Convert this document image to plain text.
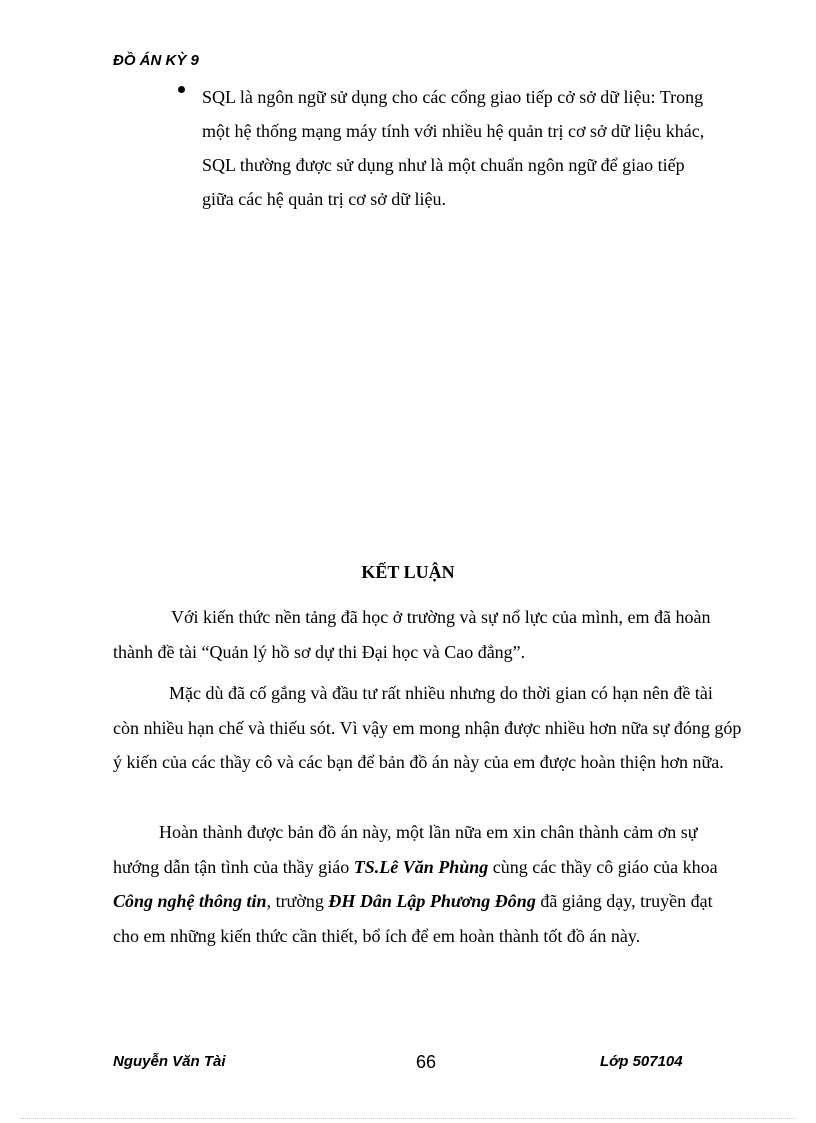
ĐỒ ÁN KỲ 9
SQL là ngôn ngữ sử dụng cho các cổng giao tiếp cở sở dữ liệu: Trong
một hệ thống mạng máy tính với nhiều hệ quản trị cơ sở dữ liệu khác,
SQL thường được sử dụng như là một chuẩn ngôn ngữ để giao tiếp
giữa các hệ quản trị cơ sở dữ liệu.
KẾT LUẬN
Với kiến thức nền tảng đã học ở trường và sự nổ lực của mình, em đã hoàn thành đề tài “Quản lý hồ sơ dự thi Đại học và Cao đẳng”.
Mặc dù đã cố gắng và đầu tư rất nhiều nhưng do thời gian có hạn nên đề tài còn nhiều hạn chế và thiếu sót. Vì vậy em mong nhận được nhiều hơn nữa sự đóng góp ý kiến của các thầy cô và các bạn để bản đồ án này của em được hoàn thiện hơn nữa.
Hoàn thành được bản đồ án này, một lần nữa em xin chân thành cảm ơn sự hướng dẫn tận tình của thầy giáo TS.Lê Văn Phùng cùng các thầy cô giáo của khoa Công nghệ thông tin, trường ĐH Dân Lập Phương Đông đã giảng dạy, truyền đạt cho em những kiến thức cần thiết, bổ ích để em hoàn thành tốt đồ án này.
Nguyễn Văn Tài	66	Lớp 507104
